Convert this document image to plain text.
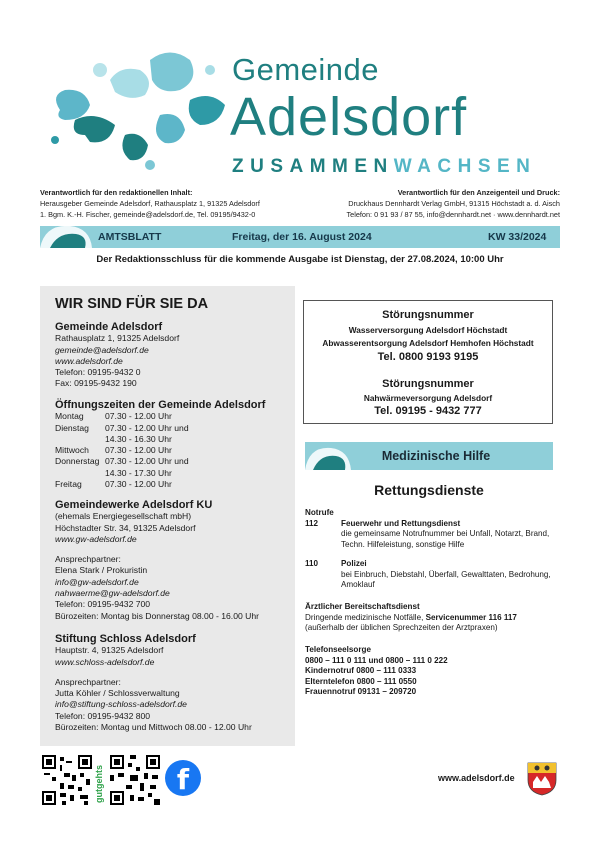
Gemeinde
Adelsdorf
ZUSAMMENWACHSEN
Verantwortlich für den redaktionellen Inhalt:
Herausgeber Gemeinde Adelsdorf, Rathausplatz 1, 91325 Adelsdorf
1. Bgm. K.-H. Fischer, gemeinde@adelsdorf.de, Tel. 09195/9432-0
Verantwortlich für den Anzeigenteil und Druck:
Druckhaus Dennhardt Verlag GmbH, 91315 Höchstadt a. d. Aisch
Telefon: 0 91 93 / 87 55, info@dennhardt.net · www.dennhardt.net
AMTSBLATT	Freitag, der 16. August 2024	KW 33/2024
Der Redaktionsschluss für die kommende Ausgabe ist Dienstag, der 27.08.2024, 10:00 Uhr
WIR SIND FÜR SIE DA
Gemeinde Adelsdorf
Rathausplatz 1, 91325 Adelsdorf
gemeinde@adelsdorf.de
www.adelsdorf.de
Telefon: 09195-9432 0
Fax: 09195-9432 190
Öffnungszeiten der Gemeinde Adelsdorf
Montag	07.30 - 12.00 Uhr
Dienstag	07.30 - 12.00 Uhr und
	14.30 - 16.30 Uhr
Mittwoch	07.30 - 12.00 Uhr
Donnerstag	07.30 - 12.00 Uhr und
	14.30 - 17.30 Uhr
Freitag	07.30 - 12.00 Uhr
Gemeindewerke Adelsdorf KU
(ehemals Energiegesellschaft mbH)
Höchstadter Str. 34, 91325 Adelsdorf
www.gw-adelsdorf.de
Ansprechpartner:
Elena Stark / Prokuristin
info@gw-adelsdorf.de
nahwaerme@gw-adelsdorf.de
Telefon: 09195-9432 700
Bürozeiten: Montag bis Donnerstag 08.00 - 16.00 Uhr
Stiftung Schloss Adelsdorf
Hauptstr. 4, 91325 Adelsdorf
www.schloss-adelsdorf.de
Ansprechpartner:
Jutta Köhler / Schlossverwaltung
info@stiftung-schloss-adelsdorf.de
Telefon: 09195-9432 800
Bürozeiten: Montag und Mittwoch 08.00 - 12.00 Uhr
Störungsnummer
Wasserversorgung Adelsdorf Höchstadt
Abwasserentsorgung Adelsdorf Hemhofen Höchstadt
Tel. 0800 9193 9195
Störungsnummer
Nahwärmeversorgung Adelsdorf
Tel. 09195 - 9432 777
Medizinische Hilfe
Rettungsdienste
Notrufe
112	Feuerwehr und Rettungsdienst
die gemeinsame Notrufnummer bei Unfall, Notarzt, Brand, Techn. Hilfeleistung, sonstige Hilfe
110	Polizei
bei Einbruch, Diebstahl, Überfall, Gewalttaten, Bedrohung, Amoklauf
Ärztlicher Bereitschaftsdienst
Dringende medizinische Notfälle, Servicenummer 116 117
(außerhalb der üblichen Sprechzeiten der Arztpraxen)
Telefonseelsorge
0800 – 111 0 111 und 0800 – 111 0 222
Kindernotruf 0800 – 111 0333
Elterntelefon 0800 – 111 0550
Frauennotruf 09131 – 209720
gutgehts	f	www.adelsdorf.de
